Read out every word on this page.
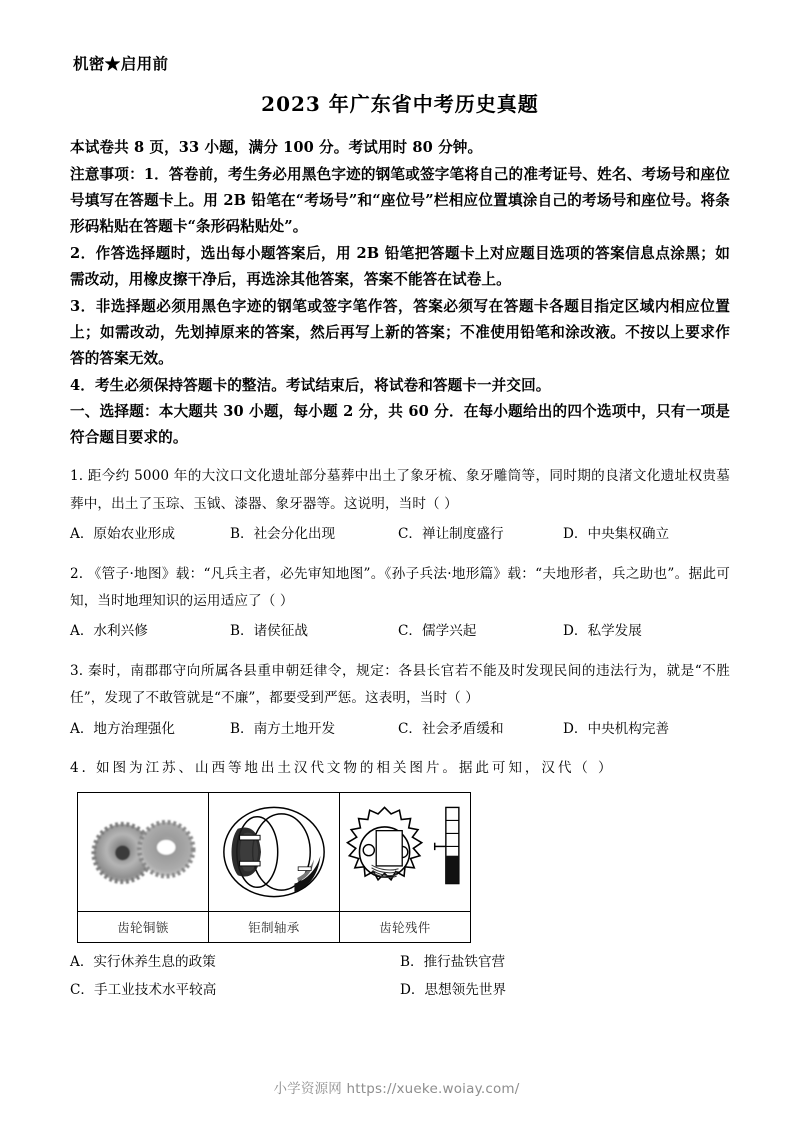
机密★启用前
2023 年广东省中考历史真题
本试卷共 8 页，33 小题，满分 100 分。考试用时 80 分钟。
注意事项：1．答卷前，考生务必用黑色字迹的钢笔或签字笔将自己的准考证号、姓名、考场号和座位号填写在答题卡上。用 2B 铅笔在“考场号”和“座位号”栏相应位置填涂自己的考场号和座位号。将条形码粘贴在答题卡“条形码粘贴处”。
2．作答选择题时，选出每小题答案后，用 2B 铅笔把答题卡上对应题目选项的答案信息点涂黑；如需改动，用橡皮擦干净后，再选涂其他答案，答案不能答在试卷上。
3．非选择题必须用黑色字迹的钢笔或签字笔作答，答案必须写在答题卡各题目指定区域内相应位置上；如需改动，先划掉原来的答案，然后再写上新的答案；不准使用铅笔和涂改液。不按以上要求作答的答案无效。
4．考生必须保持答题卡的整洁。考试结束后，将试卷和答题卡一并交回。
一、选择题：本大题共 30 小题，每小题 2 分，共 60 分．在每小题给出的四个选项中，只有一项是符合题目要求的。

1. 距今约 5000 年的大汶口文化遗址部分墓葬中出土了象牙梳、象牙雕筒等，同时期的良渚文化遗址权贵墓葬中，出土了玉琮、玉钺、漆器、象牙器等。这说明，当时（ ）

A．原始农业形成	B．社会分化出现	C．禅让制度盛行	D．中央集权确立

2. 《管子·地图》载：“凡兵主者，必先审知地图”。《孙子兵法·地形篇》载：“夫地形者，兵之助也”。据此可知，当时地理知识的运用适应了（ ）

A．水利兴修	B．诸侯征战	C．儒学兴起	D．私学发展

3. 秦时，南郡郡守向所属各县重申朝廷律令，规定：各县长官若不能及时发现民间的违法行为，就是“不胜任”，发现了不敢管就是“不廉”，都要受到严惩。这表明，当时（ ）

A．地方治理强化	B．南方土地开发	C．社会矛盾缓和	D．中央机构完善

4. 如图为江苏、山西等地出土汉代文物的相关图片。据此可知，汉代（ ）

齿轮铜镞	钜制轴承	齿轮残件
A．实行休养生息的政策	B．推行盐铁官营
C．手工业技术水平较高	D．思想领先世界
小学资源网 https://xueke.woiay.com/
